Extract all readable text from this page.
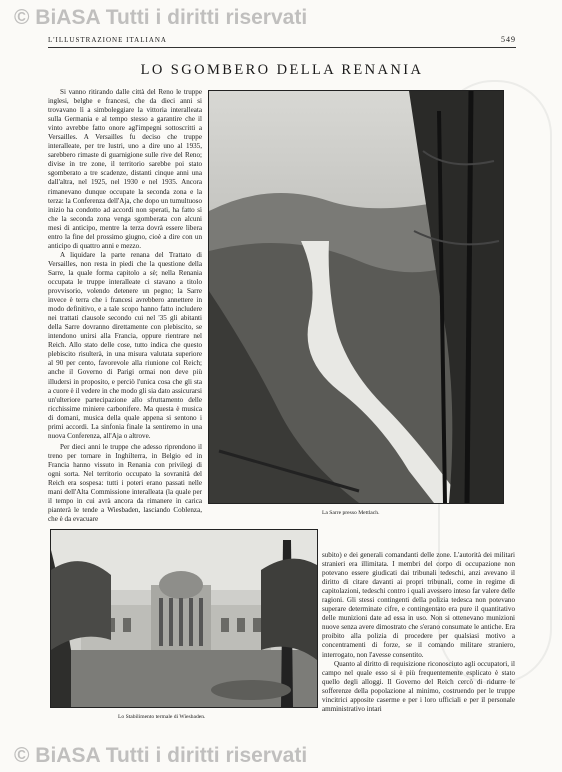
© BiASA Tutti i diritti riservati
L'ILLUSTRAZIONE ITALIANA	549
LO SGOMBERO DELLA RENANIA

Si vanno ritirando dalle città del Reno le truppe inglesi, belghe e francesi, che da dieci anni si trovavano lì a simboleggiare la vittoria interalleata sulla Germania e al tempo stesso a garantire che il vinto avrebbe fatto onore agl'impegni sottoscritti a Versailles. A Versailles fu deciso che truppe interalleate, per tre lustri, uno a dire uno al 1935, sarebbero rimaste di guarnigione sulle rive del Reno; divise in tre zone, il territorio sarebbe poi stato sgomberato a tre scadenze, distanti cinque anni una dall'altra, nel 1925, nel 1930 e nel 1935. Ancora rimanevano dunque occupate la seconda zona e la terza: la Conferenza dell'Aja, che dopo un tumultuoso inizio ha condotto ad accordi non sperati, ha fatto sì che la seconda zona venga sgomberata con alcuni mesi di anticipo, mentre la terza dovrà essere libera entro la fine del prossimo giugno, cioè a dire con un anticipo di quattro anni e mezzo.

A liquidare la parte renana del Trattato di Versailles, non resta in piedi che la questione della Sarre, la quale forma capitolo a sè; nella Renania occupata le truppe interalleate ci stavano a titolo provvisorio, volendo detenere un pegno; la Sarre invece è terra che i francesi avrebbero annettere in modo definitivo, e a tale scopo hanno fatto includere nei trattati clausole secondo cui nel '35 gli abitanti della Sarre dovranno direttamente con plebiscito, se intendono unirsi alla Francia, oppure rientrare nel Reich. Allo stato delle cose, tutto indica che questo plebiscito risulterà, in una misura valutata superiore al 90 per cento, favorevole alla riunione col Reich; anche il Governo di Parigi ormai non deve più illudersi in proposito, e perciò l'unica cosa che gli sta a cuore è il vedere in che modo gli sia dato assicurarsi un'ulteriore partecipazione allo sfruttamento delle ricchissime miniere carbonifere. Ma questa è musica di domani, musica della quale appena si sentono i primi accordi. La sinfonia finale la sentiremo in una nuova Conferenza, all'Aja o altrove.

Per dieci anni le truppe che adesso riprendono il treno per tornare in Inghilterra, in Belgio ed in Francia hanno vissuto in Renania con privilegi di ogni sorta. Nel territorio occupato la sovranità del Reich era sospesa: tutti i poteri erano passati nelle mani dell'Alta Commissione interalleata (la quale per il tempo in cui avrà ancora da rimanere in carica pianterà le tende a Wiesbaden, lasciando Coblenza, che è da evacuare

La Sarre presso Mettlach.

subito) e dei generali comandanti delle zone. L'autorità dei militari stranieri era illimitata. I membri del corpo di occupazione non potevano essere giudicati dai tribunali tedeschi, anzi avevano il diritto di citare davanti ai propri tribunali, come in regime di capitolazioni, tedeschi contro i quali avessero inteso far valere delle ragioni. Gli stessi contingenti della polizia tedesca non potevano superare determinate cifre, e contingentato era pure il quantitativo delle munizioni date ad essa in uso. Non si ottenevano munizioni nuove senza avere dimostrato che s'erano consumate le antiche. Era proibito alla polizia di procedere per qualsiasi motivo a concentramenti di forze, se il comando militare straniero, interrogato, non l'avesse consentito.

Quanto al diritto di requisizione riconosciuto agli occupatori, il campo nel quale esso si è più frequentemente esplicato è stato quello degli alloggi. Il Governo del Reich cercò di ridurre le sofferenze della popolazione al minimo, costruendo per le truppe vincitrici apposite caserme e per i loro ufficiali e per il personale amministrativo intari

Lo Stabilimento termale di Wiesbaden.
© BiASA Tutti i diritti riservati
